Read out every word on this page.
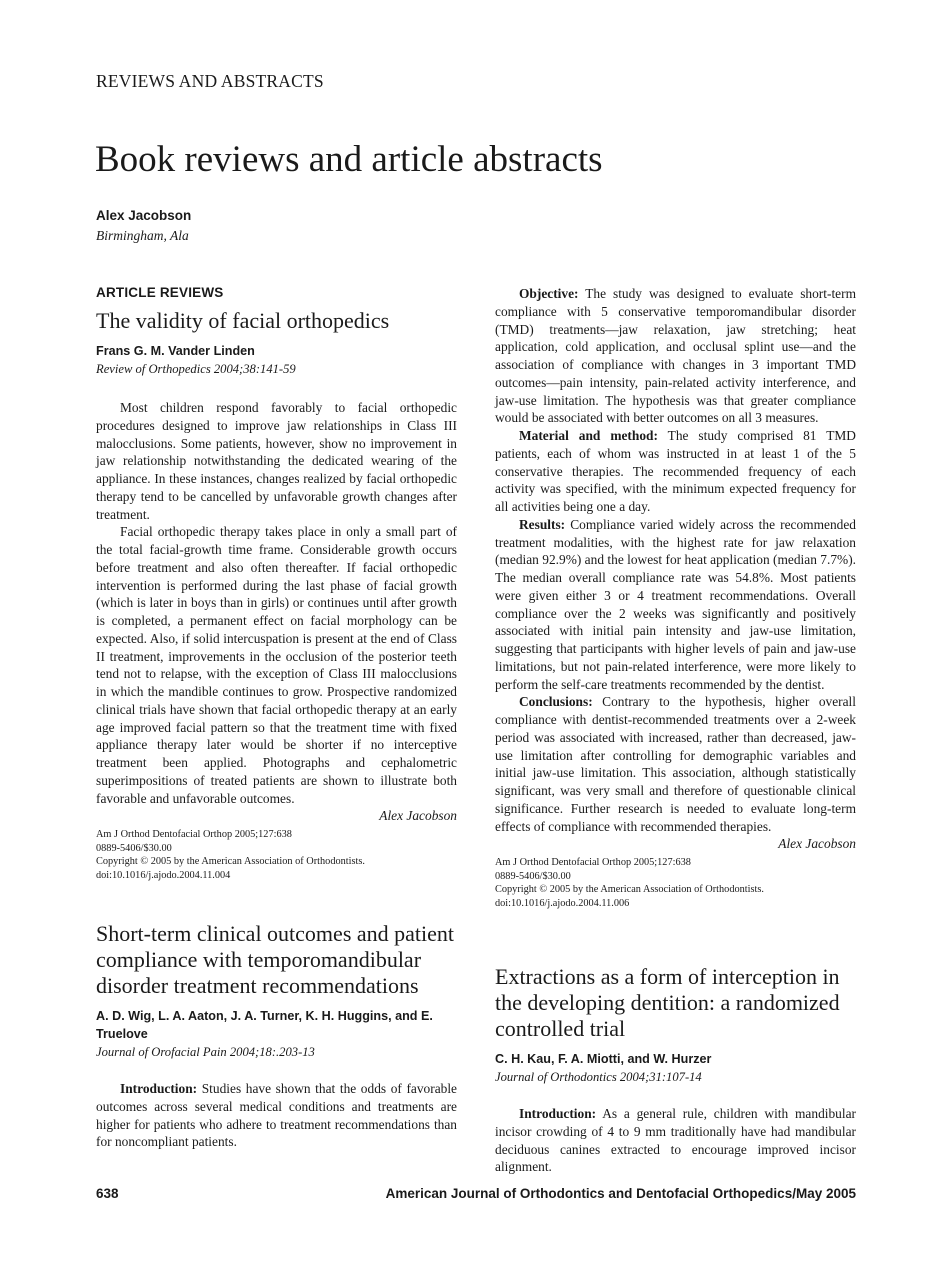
REVIEWS AND ABSTRACTS
Book reviews and article abstracts
Alex Jacobson
Birmingham, Ala
ARTICLE REVIEWS
The validity of facial orthopedics
Frans G. M. Vander Linden
Review of Orthopedics 2004;38:141-59

Most children respond favorably to facial orthopedic procedures designed to improve jaw relationships in Class III malocclusions. Some patients, however, show no improvement in jaw relationship notwithstanding the dedicated wearing of the appliance. In these instances, changes realized by facial orthopedic therapy tend to be cancelled by unfavorable growth changes after treatment.

Facial orthopedic therapy takes place in only a small part of the total facial-growth time frame. Considerable growth occurs before treatment and also often thereafter. If facial orthopedic intervention is performed during the last phase of facial growth (which is later in boys than in girls) or continues until after growth is completed, a permanent effect on facial morphology can be expected. Also, if solid intercuspation is present at the end of Class II treatment, improvements in the occlusion of the posterior teeth tend not to relapse, with the exception of Class III malocclusions in which the mandible continues to grow. Prospective randomized clinical trials have shown that facial orthopedic therapy at an early age improved facial pattern so that the treatment time with fixed appliance therapy later would be shorter if no interceptive treatment been applied. Photographs and cephalometric superimpositions of treated patients are shown to illustrate both favorable and unfavorable outcomes.

Alex Jacobson
Am J Orthod Dentofacial Orthop 2005;127:638
0889-5406/$30.00
Copyright © 2005 by the American Association of Orthodontists.
doi:10.1016/j.ajodo.2004.11.004
Short-term clinical outcomes and patient compliance with temporomandibular disorder treatment recommendations
A. D. Wig, L. A. Aaton, J. A. Turner, K. H. Huggins, and E. Truelove
Journal of Orofacial Pain 2004;18:.203-13

Introduction: Studies have shown that the odds of favorable outcomes across several medical conditions and treatments are higher for patients who adhere to treatment recommendations than for noncompliant patients.

Objective: The study was designed to evaluate short-term compliance with 5 conservative temporomandibular disorder (TMD) treatments—jaw relaxation, jaw stretching; heat application, cold application, and occlusal splint use—and the association of compliance with changes in 3 important TMD outcomes—pain intensity, pain-related activity interference, and jaw-use limitation. The hypothesis was that greater compliance would be associated with better outcomes on all 3 measures.

Material and method: The study comprised 81 TMD patients, each of whom was instructed in at least 1 of the 5 conservative therapies. The recommended frequency of each activity was specified, with the minimum expected frequency for all activities being one a day.

Results: Compliance varied widely across the recommended treatment modalities, with the highest rate for jaw relaxation (median 92.9%) and the lowest for heat application (median 7.7%). The median overall compliance rate was 54.8%. Most patients were given either 3 or 4 treatment recommendations. Overall compliance over the 2 weeks was significantly and positively associated with initial pain intensity and jaw-use limitation, suggesting that participants with higher levels of pain and jaw-use limitations, but not pain-related interference, were more likely to perform the self-care treatments recommended by the dentist.

Conclusions: Contrary to the hypothesis, higher overall compliance with dentist-recommended treatments over a 2-week period was associated with increased, rather than decreased, jaw-use limitation after controlling for demographic variables and initial jaw-use limitation. This association, although statistically significant, was very small and therefore of questionable clinical significance. Further research is needed to evaluate long-term effects of compliance with recommended therapies.

Alex Jacobson
Am J Orthod Dentofacial Orthop 2005;127:638
0889-5406/$30.00
Copyright © 2005 by the American Association of Orthodontists.
doi:10.1016/j.ajodo.2004.11.006
Extractions as a form of interception in the developing dentition: a randomized controlled trial
C. H. Kau, F. A. Miotti, and W. Hurzer
Journal of Orthodontics 2004;31:107-14

Introduction: As a general rule, children with mandibular incisor crowding of 4 to 9 mm traditionally have had mandibular deciduous canines extracted to encourage improved incisor alignment.

638	American Journal of Orthodontics and Dentofacial Orthopedics/May 2005
